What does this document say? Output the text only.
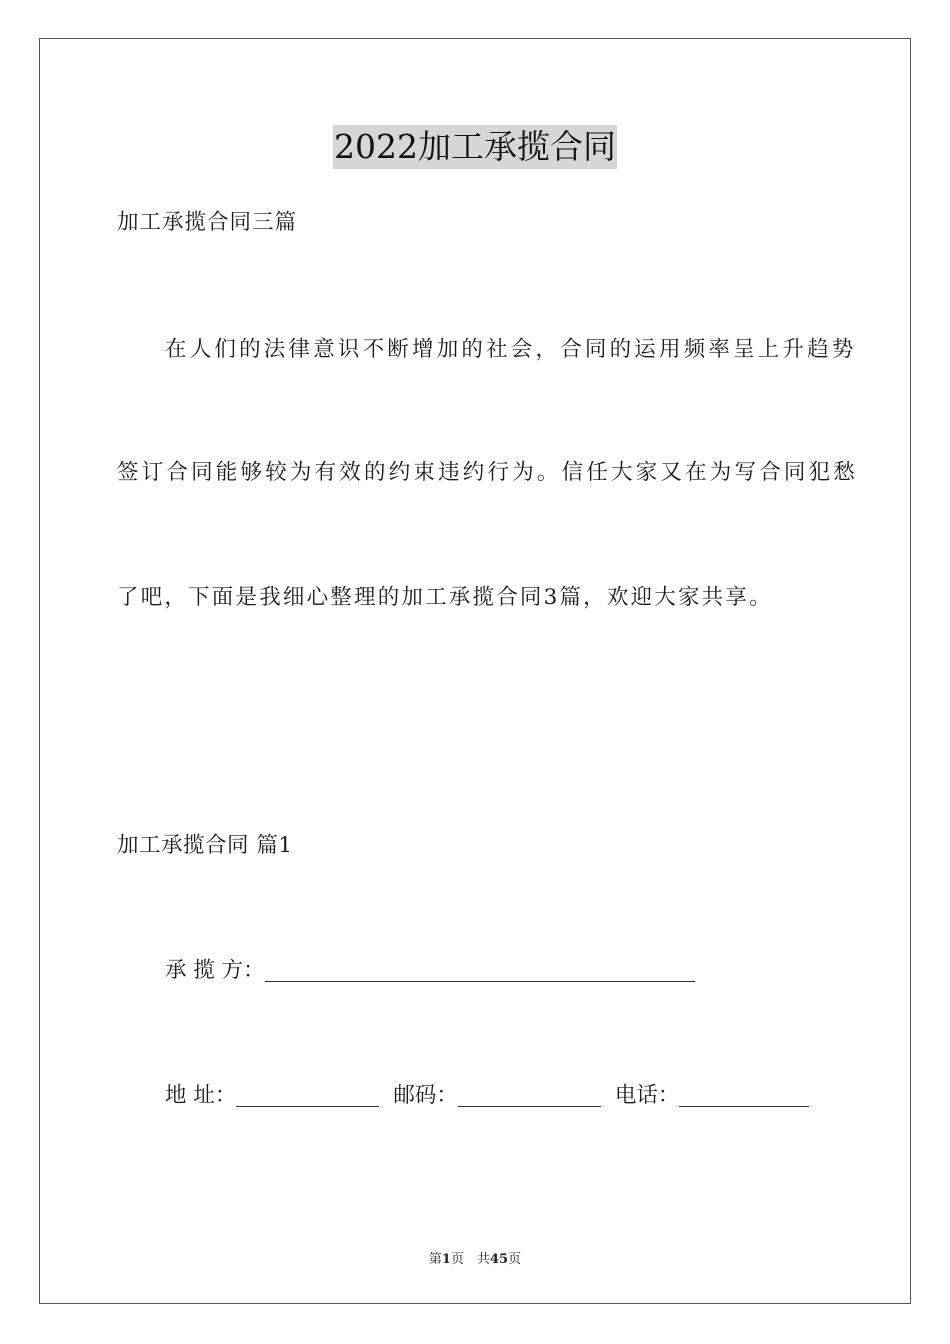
2022加工承揽合同
加工承揽合同三篇
在人们的法律意识不断增加的社会，合同的运用频率呈上升趋势
签订合同能够较为有效的约束违约行为。信任大家又在为写合同犯愁
了吧，下面是我细心整理的加工承揽合同3篇，欢迎大家共享。
加工承揽合同 篇1
承 揽 方：
地 址：	邮码：	电话：
第1页　共45页
